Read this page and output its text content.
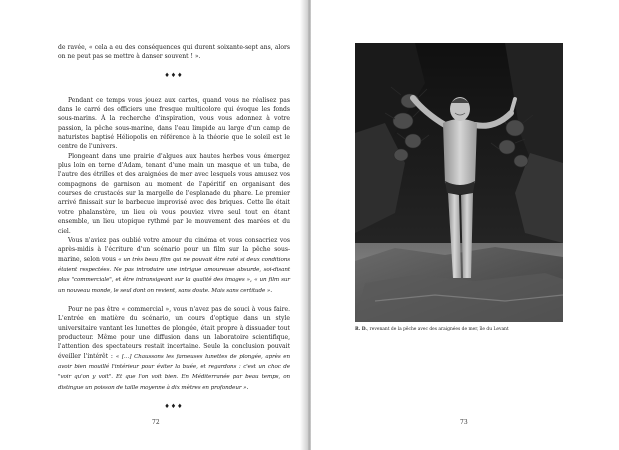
de ravée, « cela a eu des conséquences qui durent soixante-sept ans, alors on ne peut pas se mettre à danser souvent ! ».

♦♦♦

Pendant ce temps vous jouez aux cartes, quand vous ne réalisez pas dans le carré des officiers une fresque multicolore qui évoque les fonds sous-marins. À la recherche d'inspiration, vous vous adonnez à votre passion, la pêche sous-marine, dans l'eau limpide au large d'un camp de naturistes baptisé Héliopolis en référence à la théorie que le soleil est le centre de l'univers.

Plongeant dans une prairie d'algues aux hautes herbes vous émergez plus loin en terne d'Adam, tenant d'une main un masque et un tuba, de l'autre des étrilles et des araignées de mer avec lesquels vous amusez vos compagnons de garnison au moment de l'apéritif en organisant des courses de crustacés sur la margelle de l'esplanade du phare. Le premier arrivé finissait sur le barbecue improvisé avec des briques. Cette île était votre phalanstère, un lieu où vous pouviez vivre seul tout en étant ensemble, un lieu utopique rythmé par le mouvement des marées et du ciel.

Vous n'aviez pas oublié votre amour du cinéma et vous consacriez vos après-midis à l'écriture d'un scénario pour un film sur la pêche sous-marine, selon vous « un très beau film qui ne pouvait être raté si deux conditions étaient respectées. Ne pas introduire une intrigue amoureuse absurde, soi-disant plus "commerciale", et être intransigeant sur la qualité des images », « un film sur un nouveau monde, le seul dont on revient, sans doute. Mais sans certitude ».

Pour ne pas être « commercial », vous n'avez pas de souci à vous faire. L'entrée en matière du scénario, un cours d'optique dans un style universitaire vantant les lunettes de plongée, était propre à dissuader tout producteur. Même pour une diffusion dans un laboratoire scientifique, l'attention des spectateurs restait incertaine. Seule la conclusion pouvait éveiller l'intérêt : « […] Chaussons les fameuses lunettes de plongée, après en avoir bien mouillé l'intérieur pour éviter la buée, et regardons : c'est un choc de "voir qu'on y voit". Et que l'on voit bien. En Méditerranée par beau temps, on distingue un poisson de taille moyenne à dix mètres en profondeur ».

♦♦♦
72
R. D., revenant de la pêche avec des araignées de mer, île du Levant
73
